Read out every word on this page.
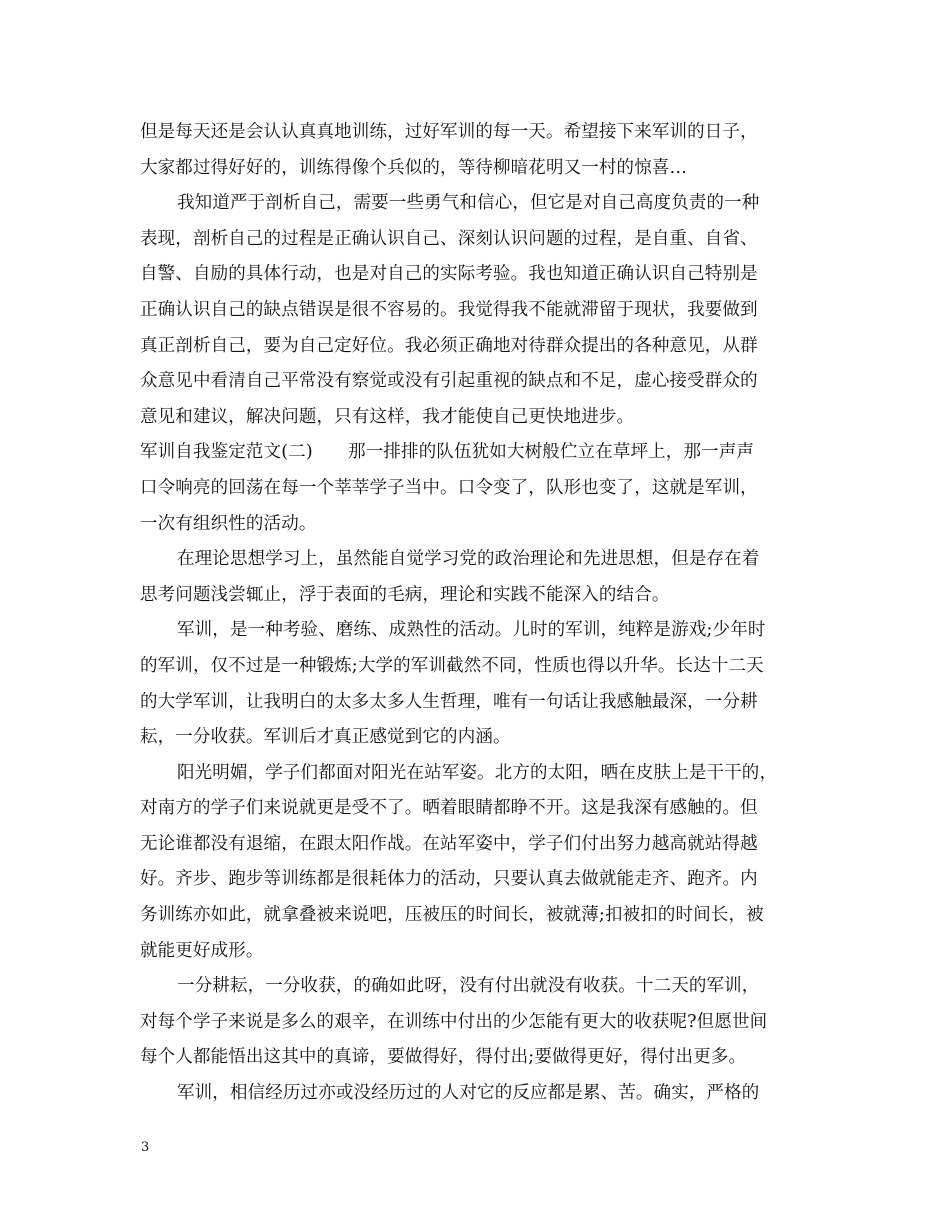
但是每天还是会认认真真地训练，过好军训的每一天。希望接下来军训的日子，
大家都过得好好的，训练得像个兵似的，等待柳暗花明又一村的惊喜…
我知道严于剖析自己，需要一些勇气和信心，但它是对自己高度负责的一种
表现，剖析自己的过程是正确认识自己、深刻认识问题的过程，是自重、自省、
自警、自励的具体行动，也是对自己的实际考验。我也知道正确认识自己特别是
正确认识自己的缺点错误是很不容易的。我觉得我不能就滞留于现状，我要做到
真正剖析自己，要为自己定好位。我必须正确地对待群众提出的各种意见，从群
众意见中看清自己平常没有察觉或没有引起重视的缺点和不足，虚心接受群众的
意见和建议，解决问题，只有这样，我才能使自己更快地进步。
军训自我鉴定范文(二)　　那一排排的队伍犹如大树般伫立在草坪上，那一声声
口令响亮的回荡在每一个莘莘学子当中。口令变了，队形也变了，这就是军训，
一次有组织性的活动。
在理论思想学习上，虽然能自觉学习党的政治理论和先进思想，但是存在着
思考问题浅尝辄止，浮于表面的毛病，理论和实践不能深入的结合。
军训，是一种考验、磨练、成熟性的活动。儿时的军训，纯粹是游戏;少年时
的军训，仅不过是一种锻炼;大学的军训截然不同，性质也得以升华。长达十二天
的大学军训，让我明白的太多太多人生哲理，唯有一句话让我感触最深，一分耕
耘，一分收获。军训后才真正感觉到它的内涵。
阳光明媚，学子们都面对阳光在站军姿。北方的太阳，晒在皮肤上是干干的，
对南方的学子们来说就更是受不了。晒着眼睛都睁不开。这是我深有感触的。但
无论谁都没有退缩，在跟太阳作战。在站军姿中，学子们付出努力越高就站得越
好。齐步、跑步等训练都是很耗体力的活动，只要认真去做就能走齐、跑齐。内
务训练亦如此，就拿叠被来说吧，压被压的时间长，被就薄;扣被扣的时间长，被
就能更好成形。
一分耕耘，一分收获，的确如此呀，没有付出就没有收获。十二天的军训，
对每个学子来说是多么的艰辛，在训练中付出的少怎能有更大的收获呢?但愿世间
每个人都能悟出这其中的真谛，要做得好，得付出;要做得更好，得付出更多。
军训，相信经历过亦或没经历过的人对它的反应都是累、苦。确实，严格的
3
